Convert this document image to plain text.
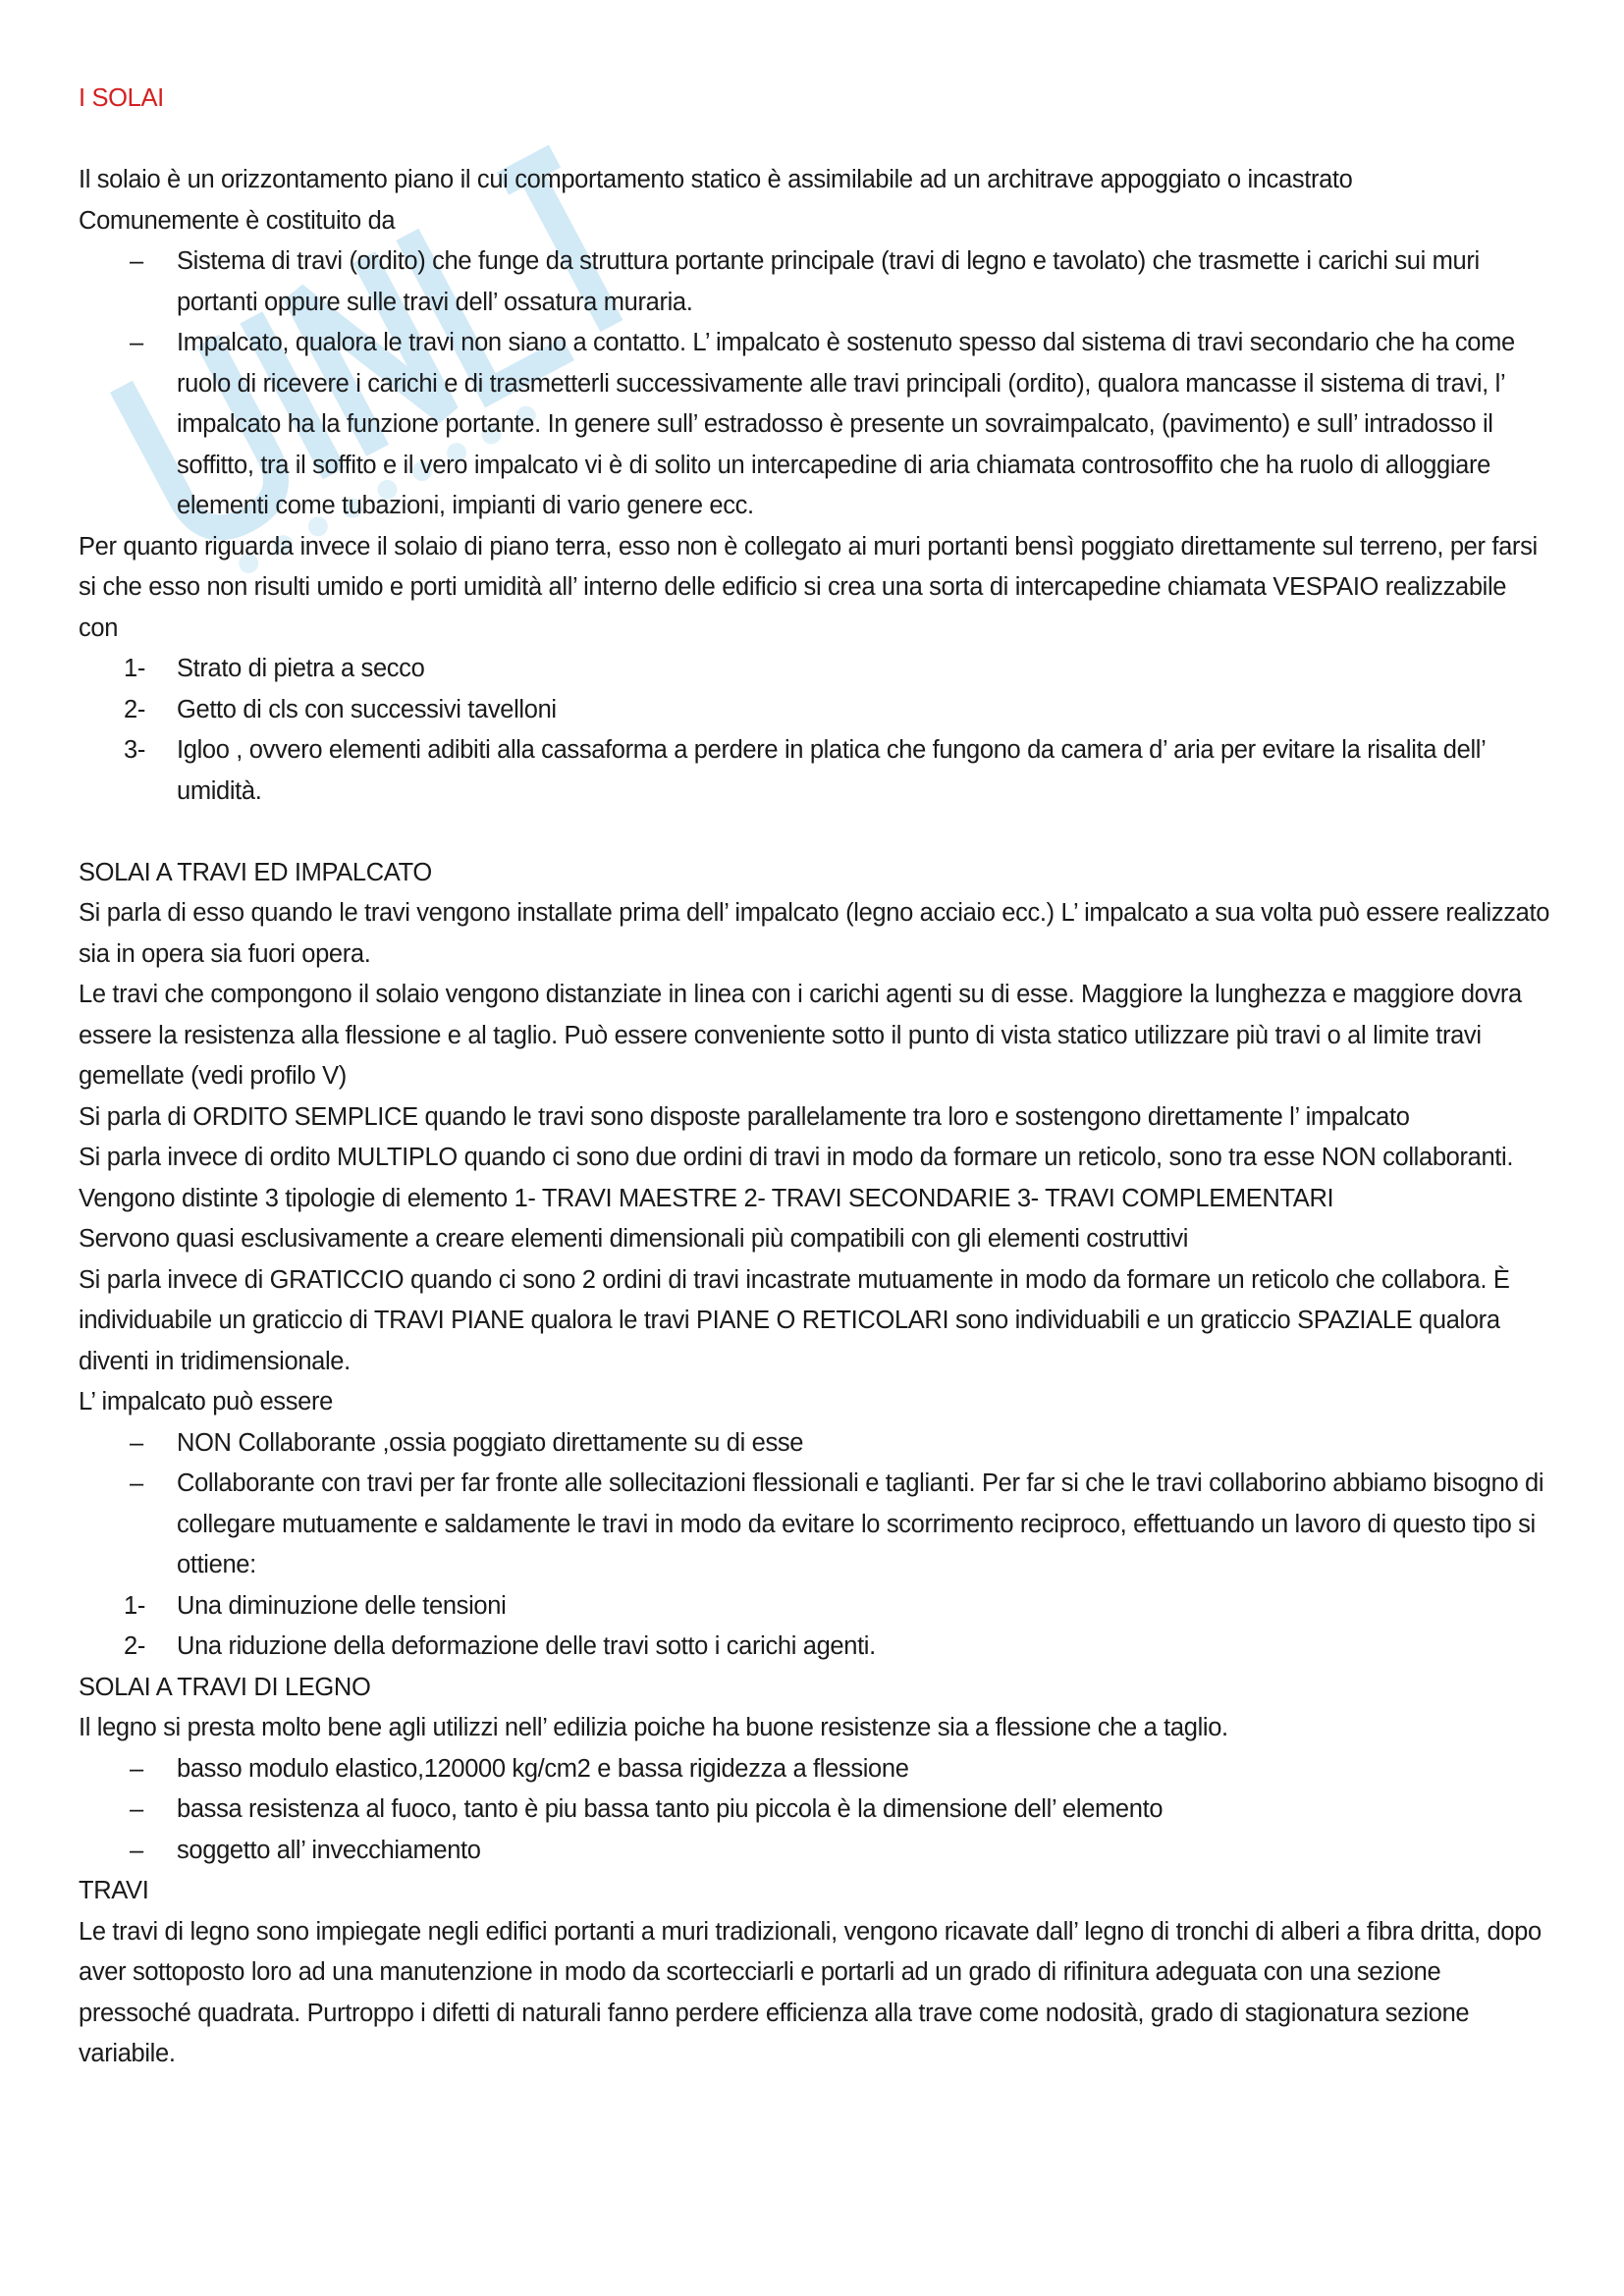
I SOLAI

Il solaio è un orizzontamento piano il cui comportamento statico è assimilabile ad un architrave appoggiato o incastrato

Comunemente è costituito da

–	Sistema di travi (ordito) che funge da struttura portante principale (travi di legno e tavolato) che trasmette i carichi sui muri portanti oppure sulle travi dell’ ossatura muraria.
–	Impalcato, qualora le travi non siano a contatto. L’ impalcato è sostenuto spesso dal sistema di travi secondario che ha come ruolo di ricevere i carichi e di trasmetterli successivamente alle travi principali (ordito), qualora mancasse il sistema di travi, l’ impalcato ha la funzione portante. In genere sull’ estradosso è presente un sovraimpalcato, (pavimento) e sull’ intradosso il soffitto, tra il soffito e il vero impalcato vi è di solito un intercapedine di aria chiamata controsoffito che ha ruolo di alloggiare elementi come tubazioni, impianti di vario genere ecc.

Per quanto riguarda invece il solaio di piano terra, esso non è collegato ai muri portanti bensì poggiato direttamente sul terreno, per farsi si che esso non risulti umido e porti umidità all’ interno delle edificio si crea una sorta di intercapedine chiamata VESPAIO realizzabile con

1-	Strato di pietra a secco
2-	Getto di cls con successivi tavelloni
3-	Igloo , ovvero elementi adibiti alla cassaforma a perdere in platica che fungono da camera d’ aria per evitare la risalita dell’ umidità.

SOLAI A TRAVI ED IMPALCATO

Si parla di esso quando le travi vengono installate prima dell’ impalcato (legno acciaio ecc.) L’ impalcato a sua volta può essere realizzato sia in opera sia fuori opera.

Le travi che compongono il solaio vengono distanziate in linea con i carichi agenti su di esse. Maggiore la lunghezza e maggiore dovra essere la resistenza alla flessione e al taglio. Può essere conveniente sotto il punto di vista statico utilizzare più travi o al limite travi gemellate (vedi profilo V)

Si parla di ORDITO SEMPLICE quando le travi sono disposte parallelamente tra loro e sostengono direttamente l’ impalcato

Si parla invece di ordito MULTIPLO quando ci sono due ordini di travi in modo da formare un reticolo, sono tra esse NON collaboranti. Vengono distinte 3 tipologie di elemento 1- TRAVI MAESTRE 2- TRAVI SECONDARIE 3- TRAVI COMPLEMENTARI

Servono quasi esclusivamente a creare elementi dimensionali più compatibili con gli elementi costruttivi

Si parla invece di GRATICCIO quando ci sono 2 ordini di travi incastrate mutuamente in modo da formare un reticolo che collabora. È individuabile un graticcio di TRAVI PIANE qualora le travi PIANE O RETICOLARI sono individuabili e un graticcio SPAZIALE qualora diventi in tridimensionale.

L’ impalcato può essere

–	NON Collaborante ,ossia poggiato direttamente su di esse
–	Collaborante con travi per far fronte alle sollecitazioni flessionali e taglianti. Per far si che le travi collaborino abbiamo bisogno di collegare mutuamente e saldamente le travi in modo da evitare lo scorrimento reciproco, effettuando un lavoro di questo tipo si ottiene:
1-	Una diminuzione delle tensioni
2-	Una riduzione della deformazione delle travi sotto i carichi agenti.

SOLAI A TRAVI DI LEGNO

Il legno si presta molto bene agli utilizzi nell’ edilizia poiche ha buone resistenze sia a flessione che a taglio.

–	basso modulo elastico,120000 kg/cm2 e bassa rigidezza a flessione
–	bassa resistenza al fuoco, tanto è piu bassa tanto piu piccola è la dimensione dell’ elemento
–	soggetto all’ invecchiamento

TRAVI

Le travi di legno sono impiegate negli edifici portanti a muri tradizionali, vengono ricavate dall’ legno di tronchi di alberi a fibra dritta, dopo aver sottoposto loro ad una manutenzione in modo da scortecciarli e portarli ad un grado di rifinitura adeguata con una sezione pressoché quadrata. Purtroppo i difetti di naturali fanno perdere efficienza alla trave come nodosità, grado di stagionatura sezione variabile.
